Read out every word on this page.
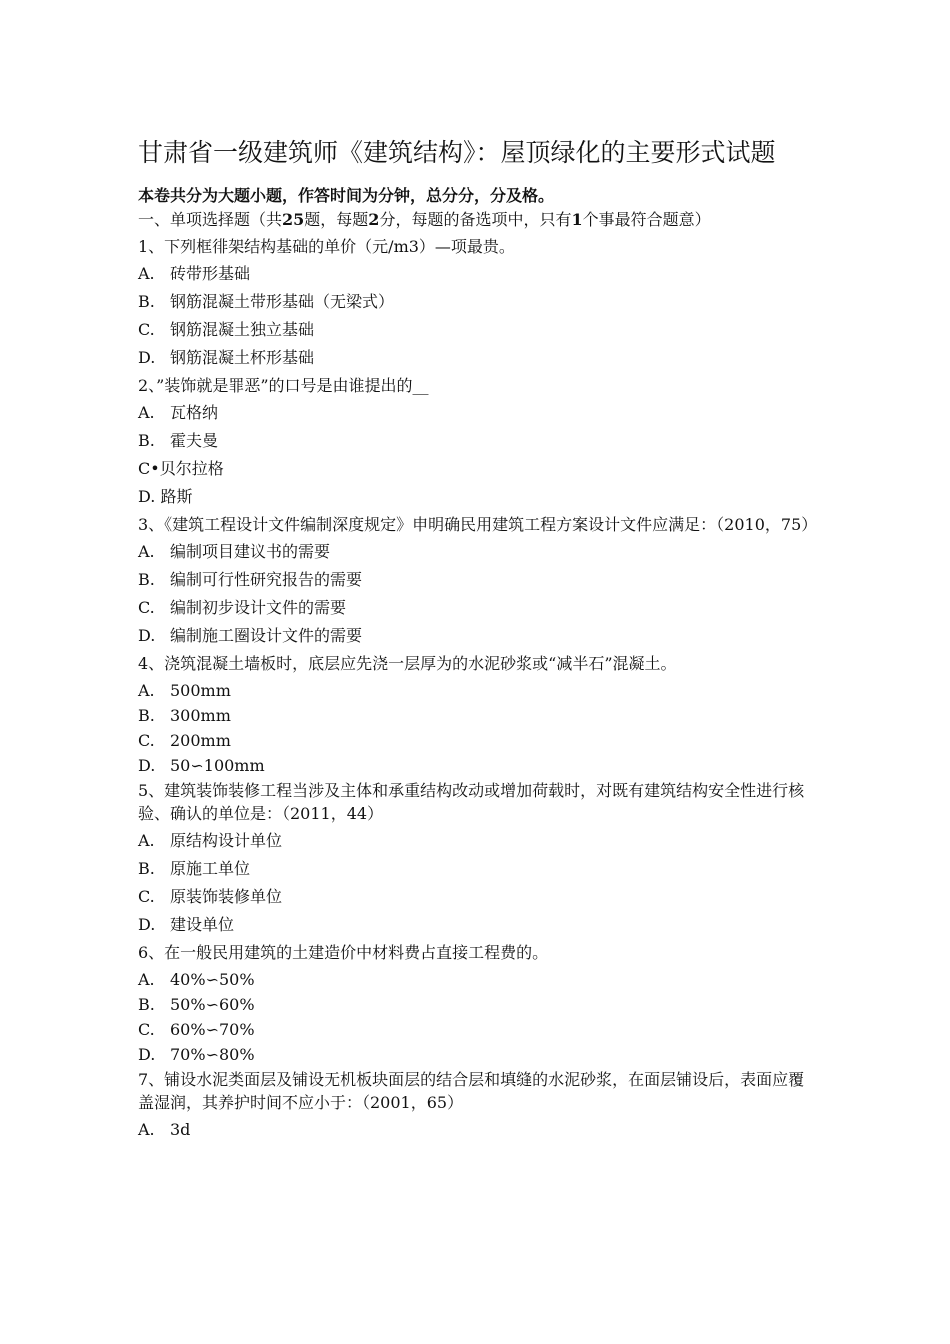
甘肃省一级建筑师《建筑结构》：屋顶绿化的主要形式试题
本卷共分为大题小题，作答时间为分钟，总分分，分及格。
一、单项选择题（共25题，每题2分，每题的备选项中，只有1个事最符合题意）
1、下列框徘架结构基础的单价（元/m3）—项最贵。
A. 砖带形基础
B. 钢筋混凝土带形基础（无梁式）
C. 钢筋混凝土独立基础
D. 钢筋混凝土杯形基础
2、”装饰就是罪恶”的口号是由谁提出的__
A. 瓦格纳
B. 霍夫曼
C•贝尔拉格
D. 路斯
3、《建筑工程设计文件编制深度规定》申明确民用建筑工程方案设计文件应满足：（2010，75）
A. 编制项目建议书的需要
B. 编制可行性研究报告的需要
C. 编制初步设计文件的需要
D. 编制施工圈设计文件的需要
4、浇筑混凝土墙板时，底层应先浇一层厚为的水泥砂浆或“减半石”混凝土。
A. 500mm
B. 300mm
C. 200mm
D. 50∽100mm
5、建筑装饰装修工程当涉及主体和承重结构改动或增加荷载时，对既有建筑结构安全性进行核验、确认的单位是：（2011，44）
A. 原结构设计单位
B. 原施工单位
C. 原装饰装修单位
D. 建设单位
6、在一般民用建筑的土建造价中材料费占直接工程费的。
A. 40%∽50%
B. 50%∽60%
C. 60%∽70%
D. 70%∽80%
7、铺设水泥类面层及铺设无机板块面层的结合层和填缝的水泥砂浆，在面层铺设后，表面应覆盖湿润，其养护时间不应小于：（2001，65）
A. 3d
